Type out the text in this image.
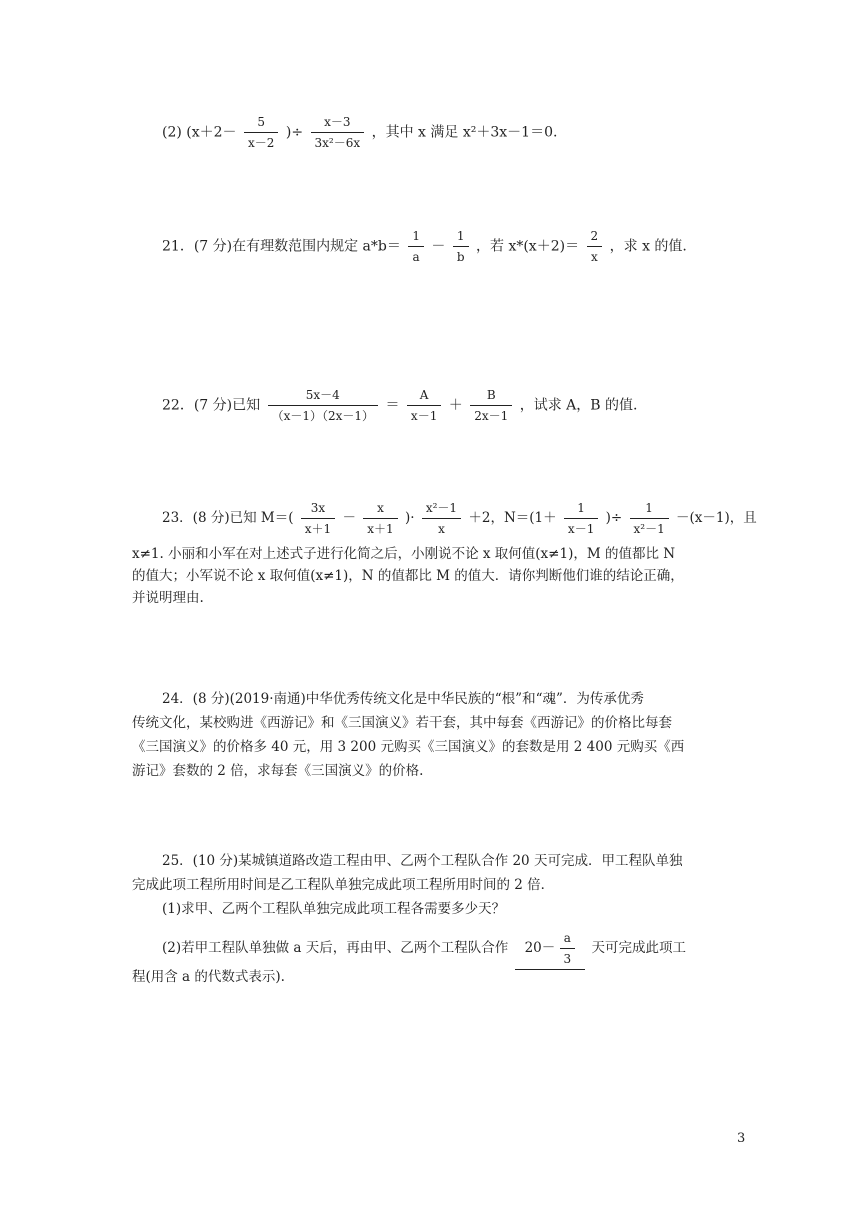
(2) ($x+2- \frac{5}{x-2}$ )÷ $\frac{x-3}{\text{3x²－6x}}$ ，其中 x 满足 x²＋3x－1＝0.
21．(7 分)在有理数范围内规定 $a*b= \frac{1}{a} - \frac{1}{b}$ ，若 $x*(x+2)= \frac{2}{x}$ ，求 x 的值.
22．(7 分)已知 $\frac{5x-4}{(x-1)(2x-1)} = \frac{A}{x-1} + \frac{B}{2x-1}$ ，试求 A，B 的值.
23．(8 分)已知 $M=( \frac{3x}{x+1} - \frac{x}{x+1}$ )· $\frac{\text{x²－1}}{x} +2$，$N=(1+ \frac{1}{x-1}$ )÷ $\frac{1}{\text{x²－1}} -(x-1)$，且
x≠1. 小丽和小军在对上述式子进行化简之后，小刚说不论 x 取何值(x≠1)，M 的值都比 N
的值大；小军说不论 x 取何值(x≠1)，N 的值都比 M 的值大．请你判断他们谁的结论正确，
并说明理由.
24．(8 分)(2019·南通)中华优秀传统文化是中华民族的“根”和“魂”．为传承优秀
传统文化，某校购进《西游记》和《三国演义》若干套，其中每套《西游记》的价格比每套
《三国演义》的价格多 40 元，用 3 200 元购买《三国演义》的套数是用 2 400 元购买《西
游记》套数的 2 倍，求每套《三国演义》的价格.
25．(10 分)某城镇道路改造工程由甲、乙两个工程队合作 20 天可完成．甲工程队单独
完成此项工程所用时间是乙工程队单独完成此项工程所用时间的 2 倍．
(1)求甲、乙两个工程队单独完成此项工程各需要多少天？
(2)若甲工程队单独做 a 天后，再由甲、乙两个工程队合作 $20- \frac{a}{3}$ 天可完成此项工
程(用含 a 的代数式表示).
3
